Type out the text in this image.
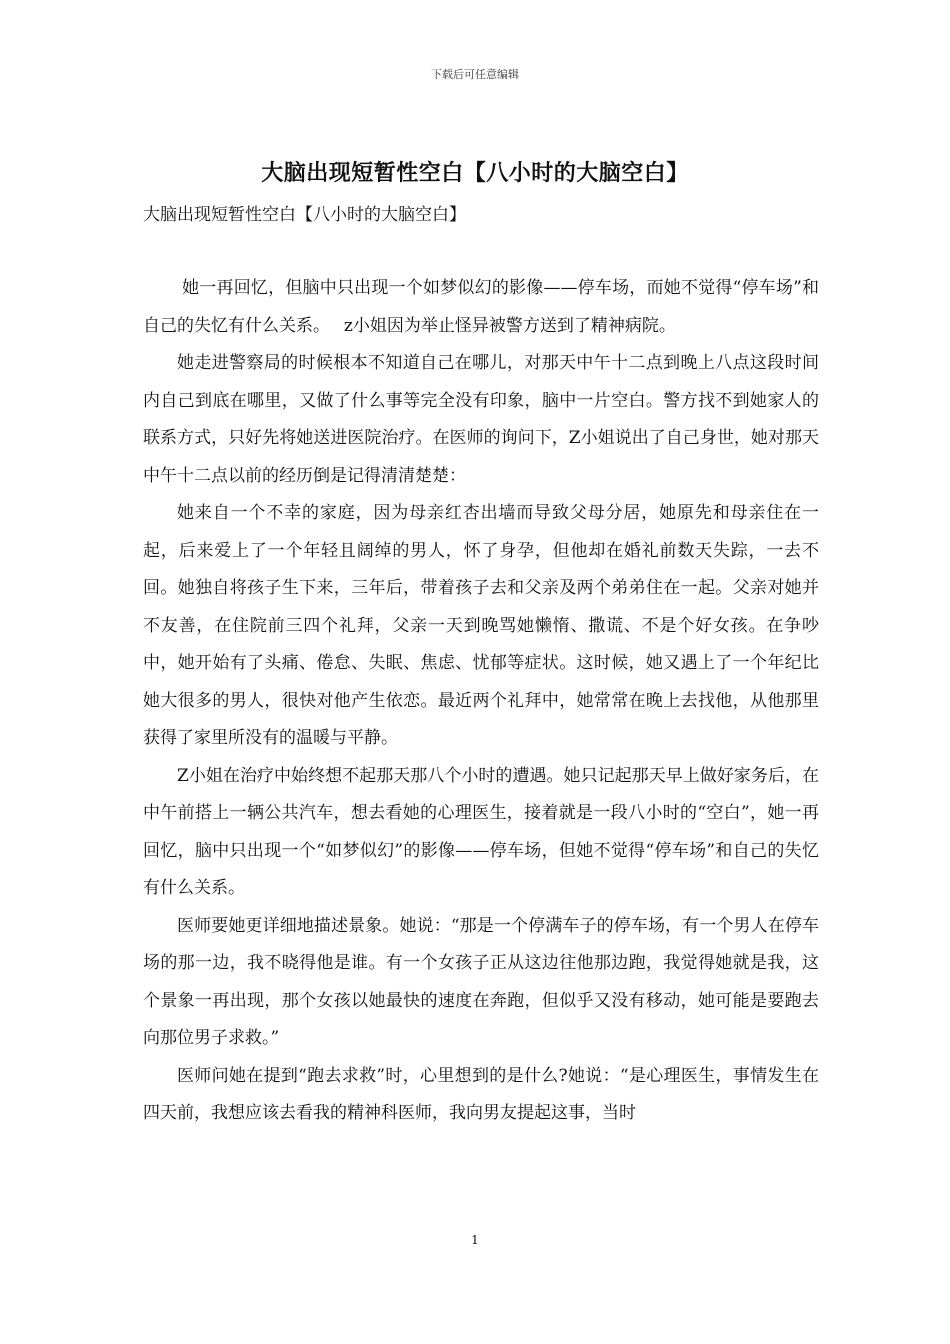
下载后可任意编辑
大脑出现短暂性空白【八小时的大脑空白】
大脑出现短暂性空白【八小时的大脑空白】

她一再回忆，但脑中只出现一个如梦似幻的影像——停车场，而她不觉得“停车场”和自己的失忆有什么关系。　 z小姐因为举止怪异被警方送到了精神病院。

她走进警察局的时候根本不知道自己在哪儿，对那天中午十二点到晚上八点这段时间内自己到底在哪里，又做了什么事等完全没有印象，脑中一片空白。警方找不到她家人的联系方式，只好先将她送进医院治疗。在医师的询问下，Z小姐说出了自己身世，她对那天中午十二点以前的经历倒是记得清清楚楚：

她来自一个不幸的家庭，因为母亲红杏出墙而导致父母分居，她原先和母亲住在一起，后来爱上了一个年轻且阔绰的男人，怀了身孕，但他却在婚礼前数天失踪，一去不回。她独自将孩子生下来，三年后，带着孩子去和父亲及两个弟弟住在一起。父亲对她并不友善，在住院前三四个礼拜，父亲一天到晚骂她懒惰、撒谎、不是个好女孩。在争吵中，她开始有了头痛、倦怠、失眠、焦虑、忧郁等症状。这时候，她又遇上了一个年纪比她大很多的男人，很快对他产生依恋。最近两个礼拜中，她常常在晚上去找他，从他那里获得了家里所没有的温暖与平静。

Z小姐在治疗中始终想不起那天那八个小时的遭遇。她只记起那天早上做好家务后，在中午前搭上一辆公共汽车，想去看她的心理医生，接着就是一段八小时的“空白”，她一再回忆，脑中只出现一个“如梦似幻”的影像——停车场，但她不觉得“停车场”和自己的失忆有什么关系。

医师要她更详细地描述景象。她说：“那是一个停满车子的停车场，有一个男人在停车场的那一边，我不晓得他是谁。有一个女孩子正从这边往他那边跑，我觉得她就是我，这个景象一再出现，那个女孩以她最快的速度在奔跑，但似乎又没有移动，她可能是要跑去向那位男子求救。”

医师问她在提到“跑去求救”时，心里想到的是什么?她说：“是心理医生，事情发生在四天前，我想应该去看我的精神科医师，我向男友提起这事，当时

1
